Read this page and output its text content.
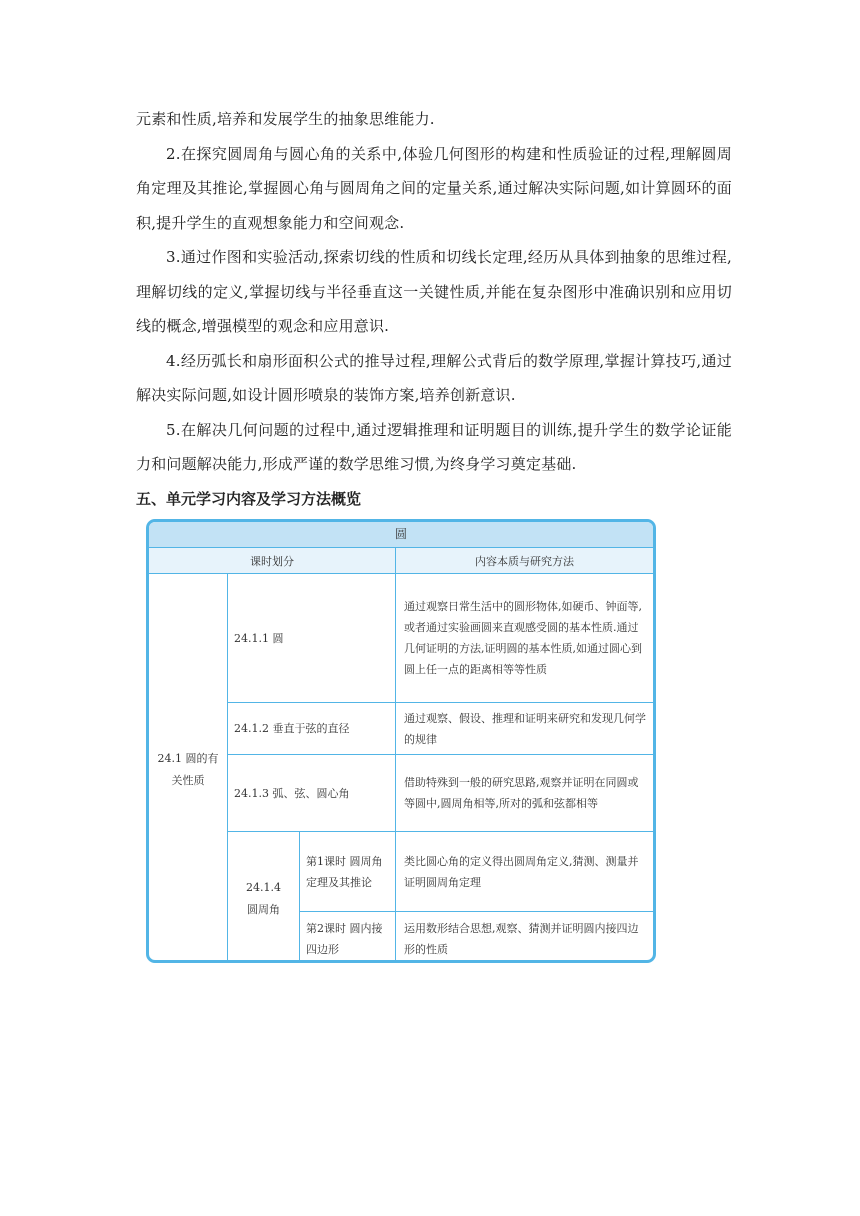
元素和性质,培养和发展学生的抽象思维能力.

2.在探究圆周角与圆心角的关系中,体验几何图形的构建和性质验证的过程,理解圆周角定理及其推论,掌握圆心角与圆周角之间的定量关系,通过解决实际问题,如计算圆环的面积,提升学生的直观想象能力和空间观念.

3.通过作图和实验活动,探索切线的性质和切线长定理,经历从具体到抽象的思维过程,理解切线的定义,掌握切线与半径垂直这一关键性质,并能在复杂图形中准确识别和应用切线的概念,增强模型的观念和应用意识.

4.经历弧长和扇形面积公式的推导过程,理解公式背后的数学原理,掌握计算技巧,通过解决实际问题,如设计圆形喷泉的装饰方案,培养创新意识.

5.在解决几何问题的过程中,通过逻辑推理和证明题目的训练,提升学生的数学论证能力和问题解决能力,形成严谨的数学思维习惯,为终身学习奠定基础.

五、单元学习内容及学习方法概览

圆
课时划分	内容本质与研究方法
24.1 圆的有关性质
24.1.1 圆
通过观察日常生活中的圆形物体,如硬币、钟面等,或者通过实验画圆来直观感受圆的基本性质.通过几何证明的方法,证明圆的基本性质,如通过圆心到圆上任一点的距离相等等性质
24.1.2 垂直于弦的直径
通过观察、假设、推理和证明来研究和发现几何学的规律
24.1.3 弧、弦、圆心角
借助特殊到一般的研究思路,观察并证明在同圆或等圆中,圆周角相等,所对的弧和弦都相等
24.1.4 圆周角
第1课时 圆周角定理及其推论
类比圆心角的定义得出圆周角定义,猜测、测量并证明圆周角定理
第2课时 圆内接四边形
运用数形结合思想,观察、猜测并证明圆内接四边形的性质
